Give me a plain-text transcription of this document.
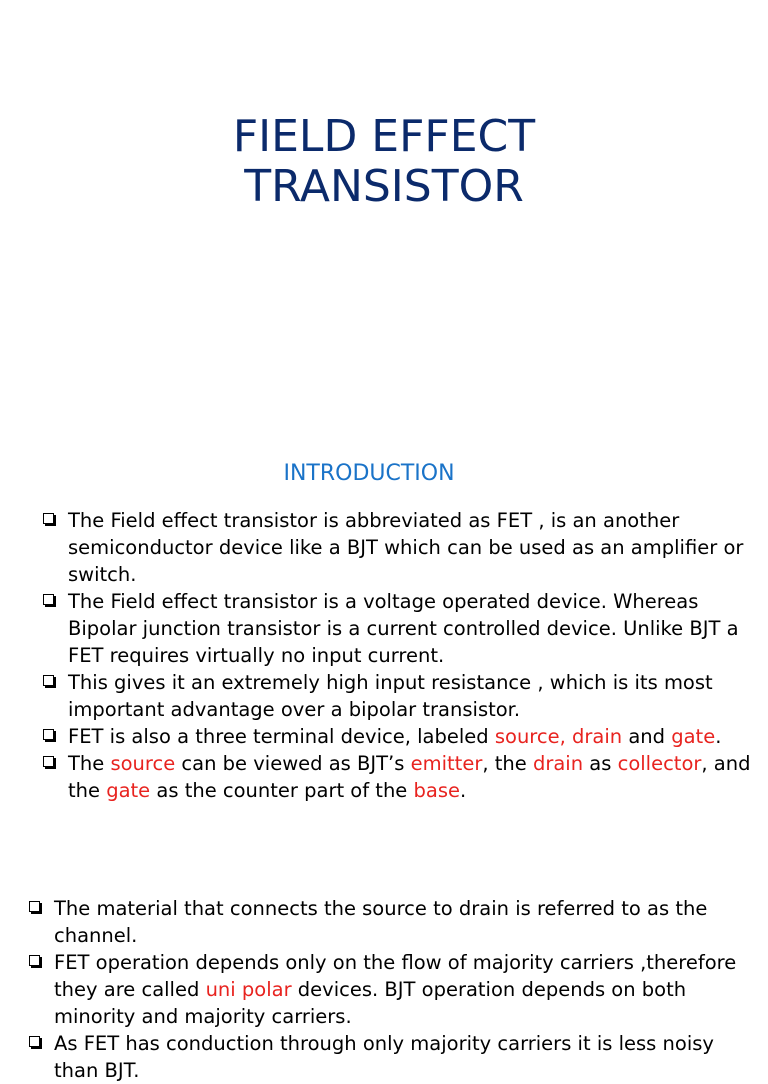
FIELD EFFECT
TRANSISTOR
INTRODUCTION
The Field effect transistor is abbreviated as FET , is an another semiconductor device like a BJT which can be used as an amplifier or switch.
The Field effect transistor is a voltage operated device. Whereas Bipolar junction transistor is a current controlled device. Unlike BJT a FET requires virtually no input current.
This gives it an extremely high input resistance , which is its most important advantage over a bipolar transistor.
FET is also a three terminal device, labeled source, drain and gate.
The source can be viewed as BJT’s emitter, the drain as collector, and the gate as the counter part of the base.
The material that connects the source to drain is referred to as the channel.
FET operation depends only on the flow of majority carriers ,therefore they are called uni polar devices. BJT operation depends on both minority and majority carriers.
As FET has conduction through only majority carriers it is less noisy than BJT.
